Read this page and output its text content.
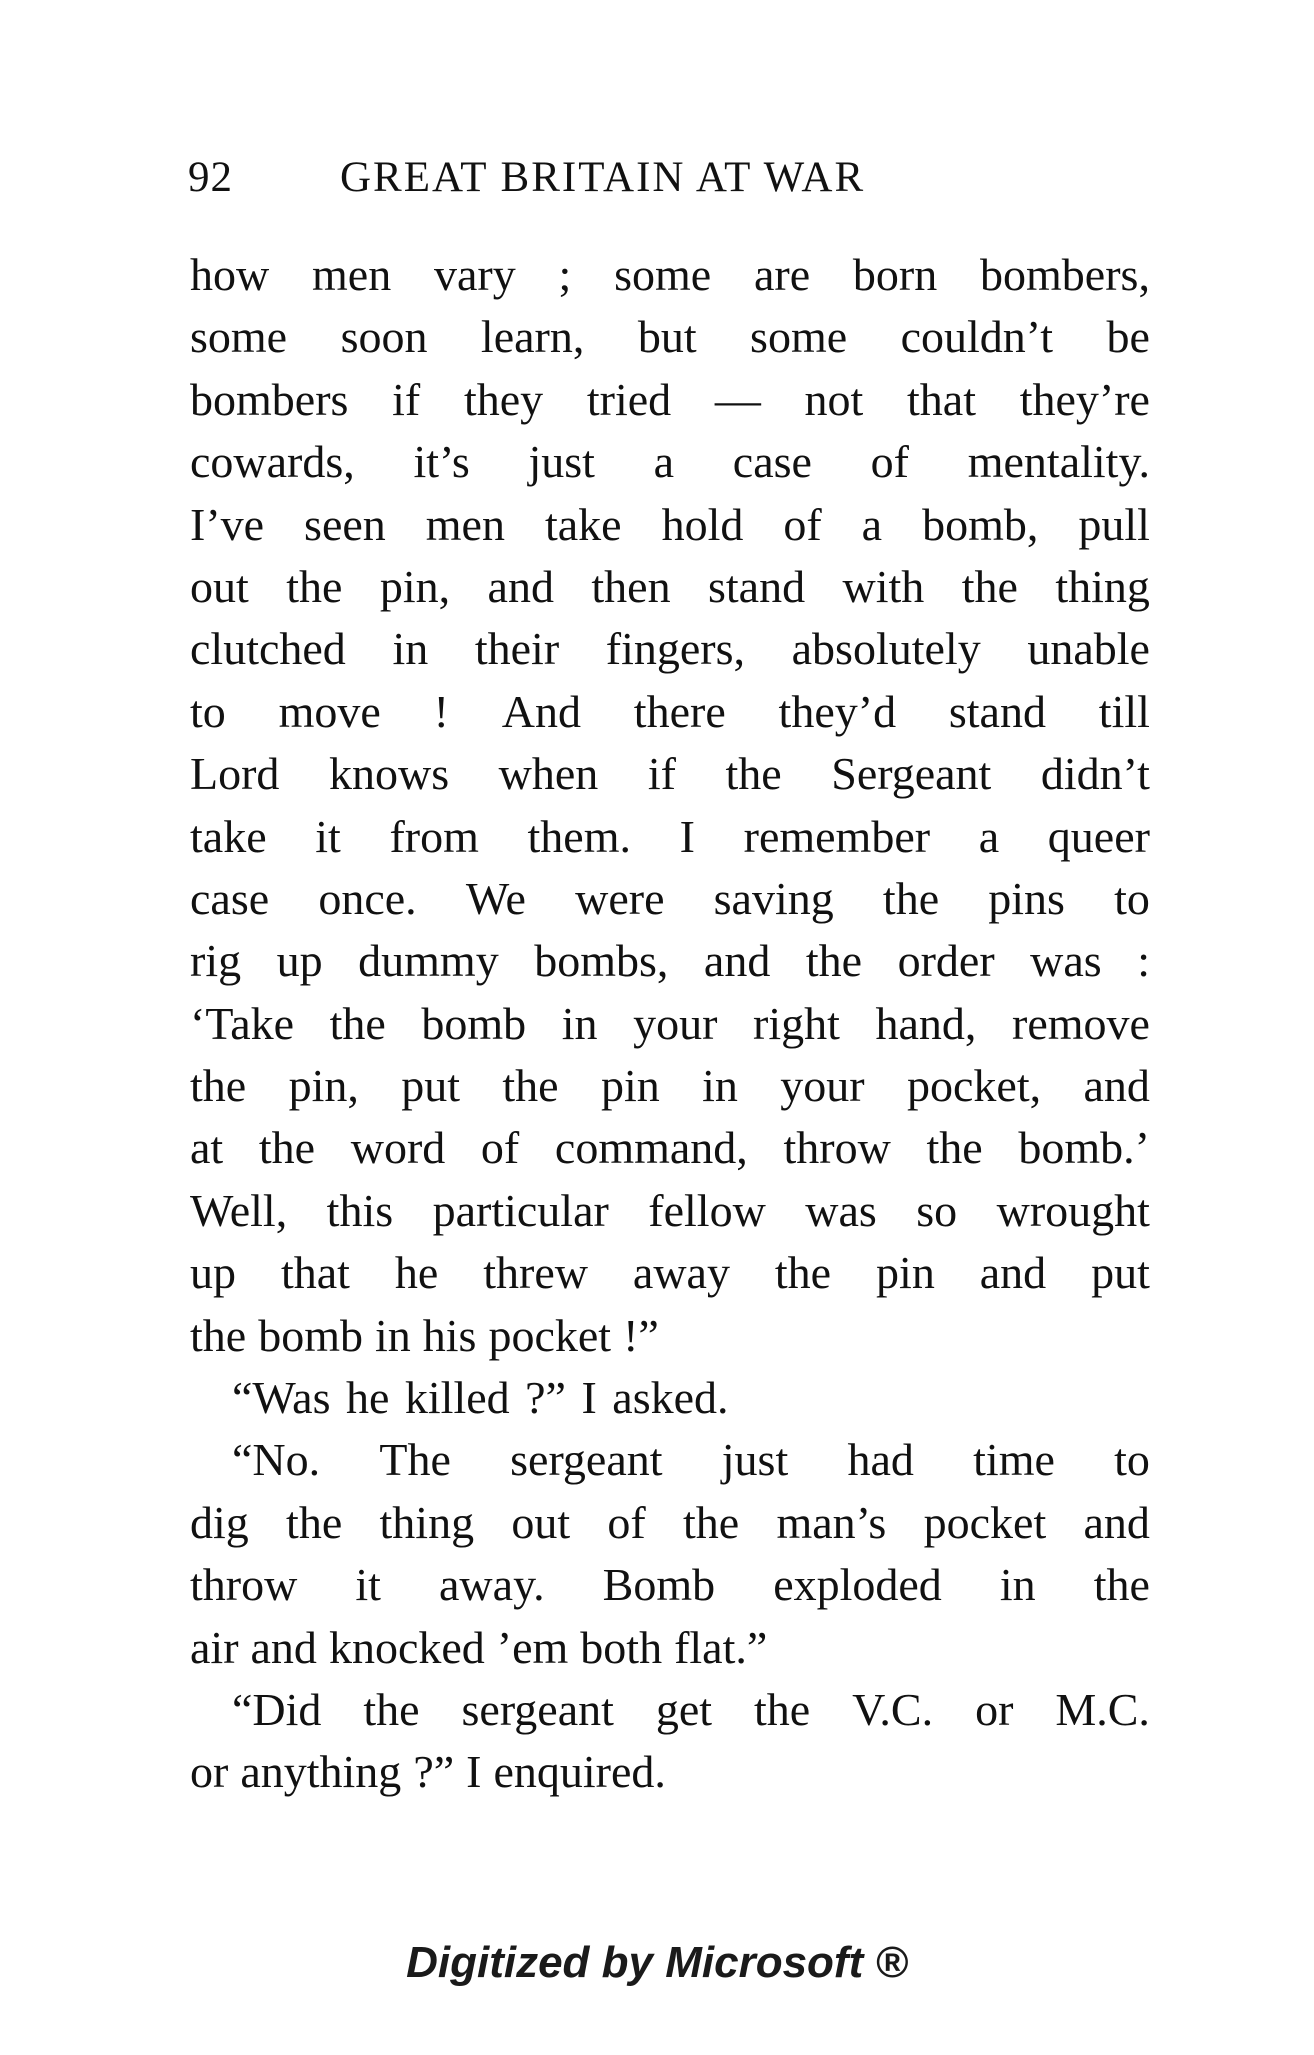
92 GREAT BRITAIN AT WAR
how men vary ; some are born bombers,
some soon learn, but some couldn’t be
bombers if they tried — not that they’re
cowards, it’s just a case of mentality.
I’ve seen men take hold of a bomb, pull
out the pin, and then stand with the thing
clutched in their fingers, absolutely unable
to move ! And there they’d stand till
Lord knows when if the Sergeant didn’t
take it from them. I remember a queer
case once. We were saving the pins to
rig up dummy bombs, and the order was :
‘Take the bomb in your right hand, remove
the pin, put the pin in your pocket, and
at the word of command, throw the bomb.’
Well, this particular fellow was so wrought
up that he threw away the pin and put
the bomb in his pocket !”
“Was he killed ?” I asked.
“No. The sergeant just had time to
dig the thing out of the man’s pocket and
throw it away. Bomb exploded in the
air and knocked ’em both flat.”
“Did the sergeant get the V.C. or M.C.
or anything ?” I enquired.
Digitized by Microsoft ®
